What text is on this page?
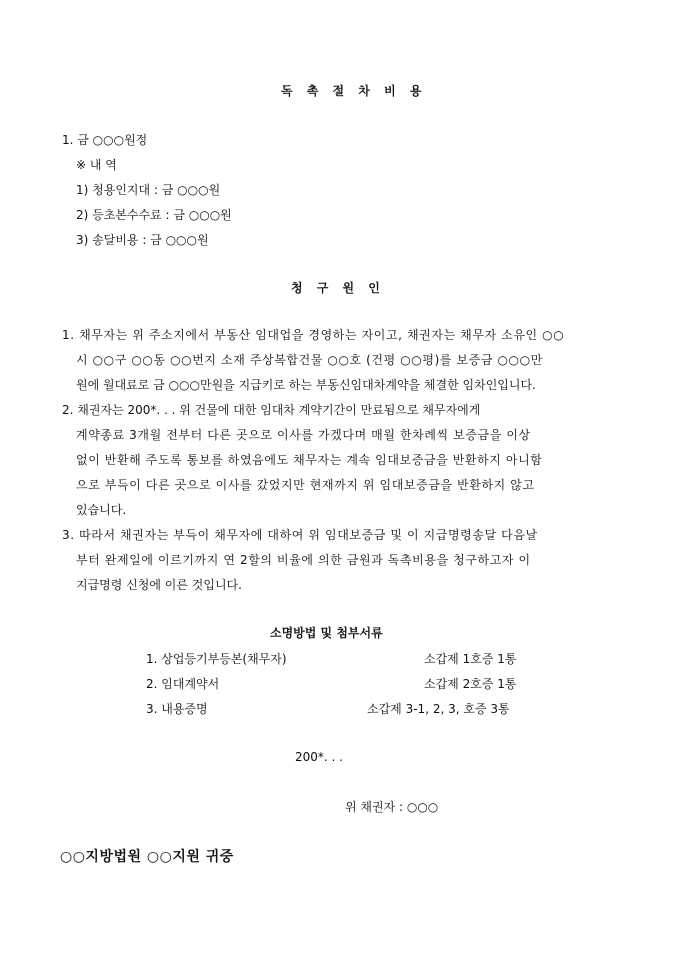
독 촉 절 차 비 용
1. 금 ○○○원정
※ 내 역
1) 청용인지대 : 금 ○○○원
2) 등초본수수료 : 금 ○○○원
3) 송달비용 : 금 ○○○원
청 구 원 인
1. 채무자는 위 주소지에서 부동산 임대업을 경영하는 자이고, 채권자는 채무자 소유인 ○○
시 ○○구 ○○동 ○○번지 소재 주상복합건물 ○○호 (건평 ○○평)를 보증금 ○○○만
원에 월대료로 금 ○○○만원을 지급키로 하는 부동신임대차계약을 체결한 임차인입니다.
2. 채권자는 200*. . . 위 건물에 대한 임대차 계약기간이 만료됨으로 채무자에게
계약종료 3개월 전부터 다른 곳으로 이사를 가겠다며 매월 한차례씩 보증금을 이상
없이 반환해 주도록 통보를 하였음에도 채무자는 계속 임대보증금을 반환하지 아니함
으로 부득이 다른 곳으로 이사를 갔었지만 현재까지 위 임대보증금을 반환하지 않고
있습니다.
3. 따라서 채권자는 부득이 채무자에 대하여 위 임대보증금 및 이 지급명령송달 다음날
부터 완제일에 이르기까지 연 2할의 비율에 의한 금원과 독촉비용을 청구하고자 이
지급명령 신청에 이른 것입니다.
소명방법 및 첨부서류
1. 상업등기부등본(채무자)	소갑제 1호증 1통
2. 임대계약서	소갑제 2호증 1통
3. 내용증명	소갑제 3-1, 2, 3, 호증 3통
200*. . .
위 채권자 : ○○○
○○지방법원 ○○지원 귀중
